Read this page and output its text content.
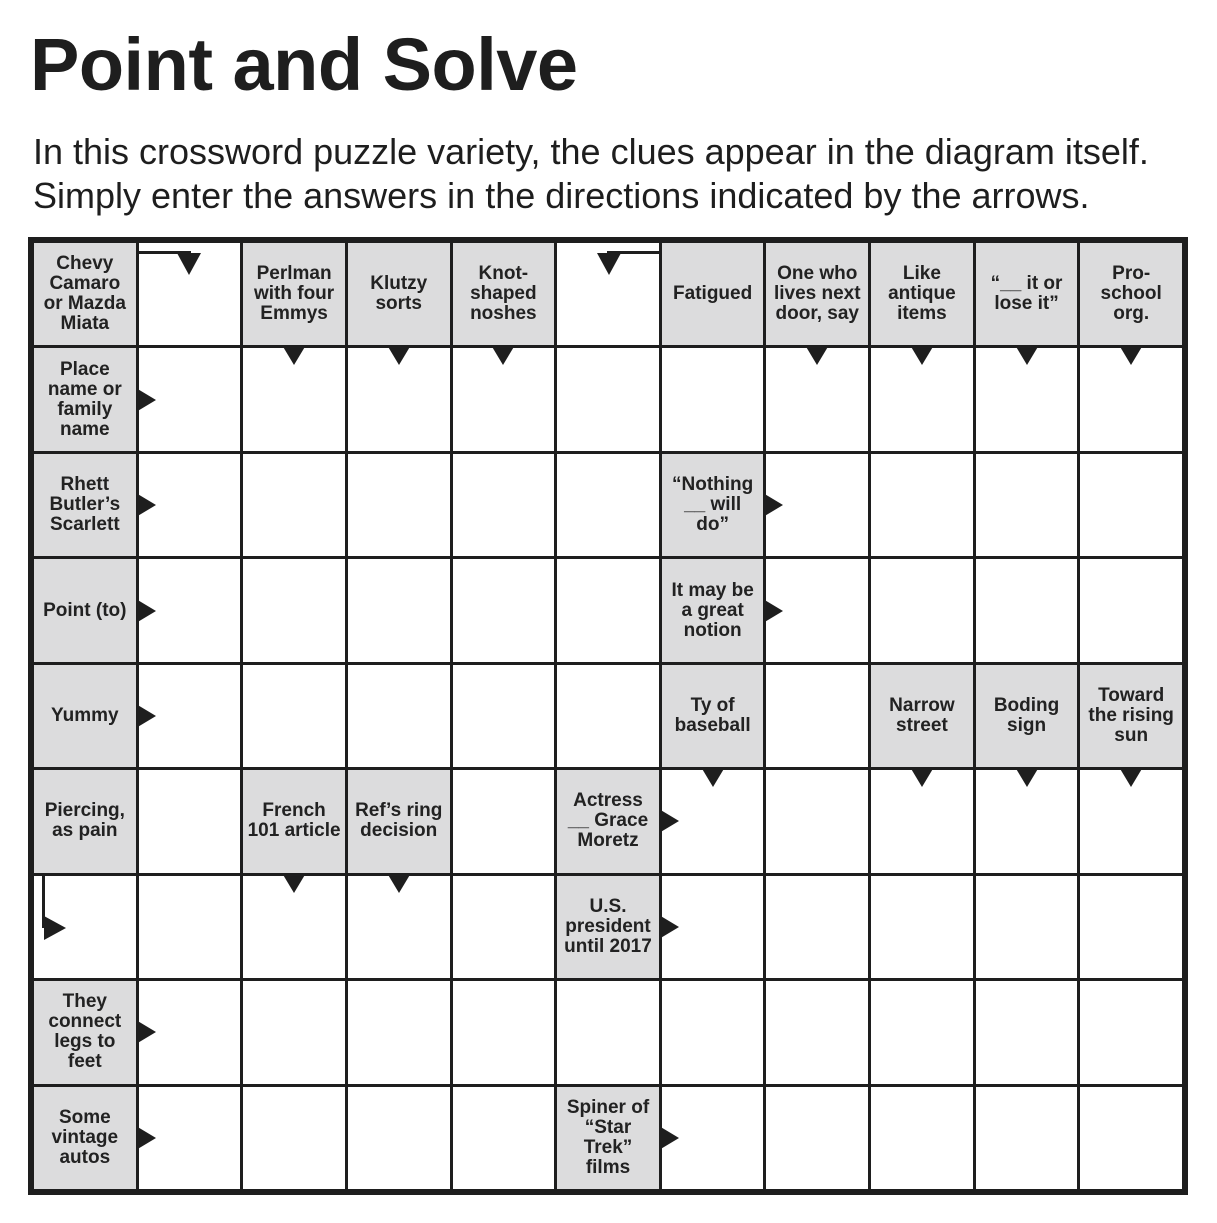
Point and Solve
In this crossword puzzle variety, the clues appear in the diagram itself.
Simply enter the answers in the directions indicated by the arrows.
Chevy Camaro or Mazda Miata
Perlman with four Emmys
Klutzy sorts
Knot-shaped noshes
Fatigued
One who lives next door, say
Like antique items
“__ it or lose it”
Pro-school org.
Place name or family name
Rhett Butler’s Scarlett
“Nothing __ will do”
Point (to)
It may be a great notion
Yummy	Ty of baseball
Narrow street
Boding sign
Toward the rising sun
Piercing, as pain
French 101 article
Ref’s ring decision
Actress __ Grace Moretz
U.S. president until 2017
They connect legs to feet
Some vintage autos
Spiner of “Star Trek” films
